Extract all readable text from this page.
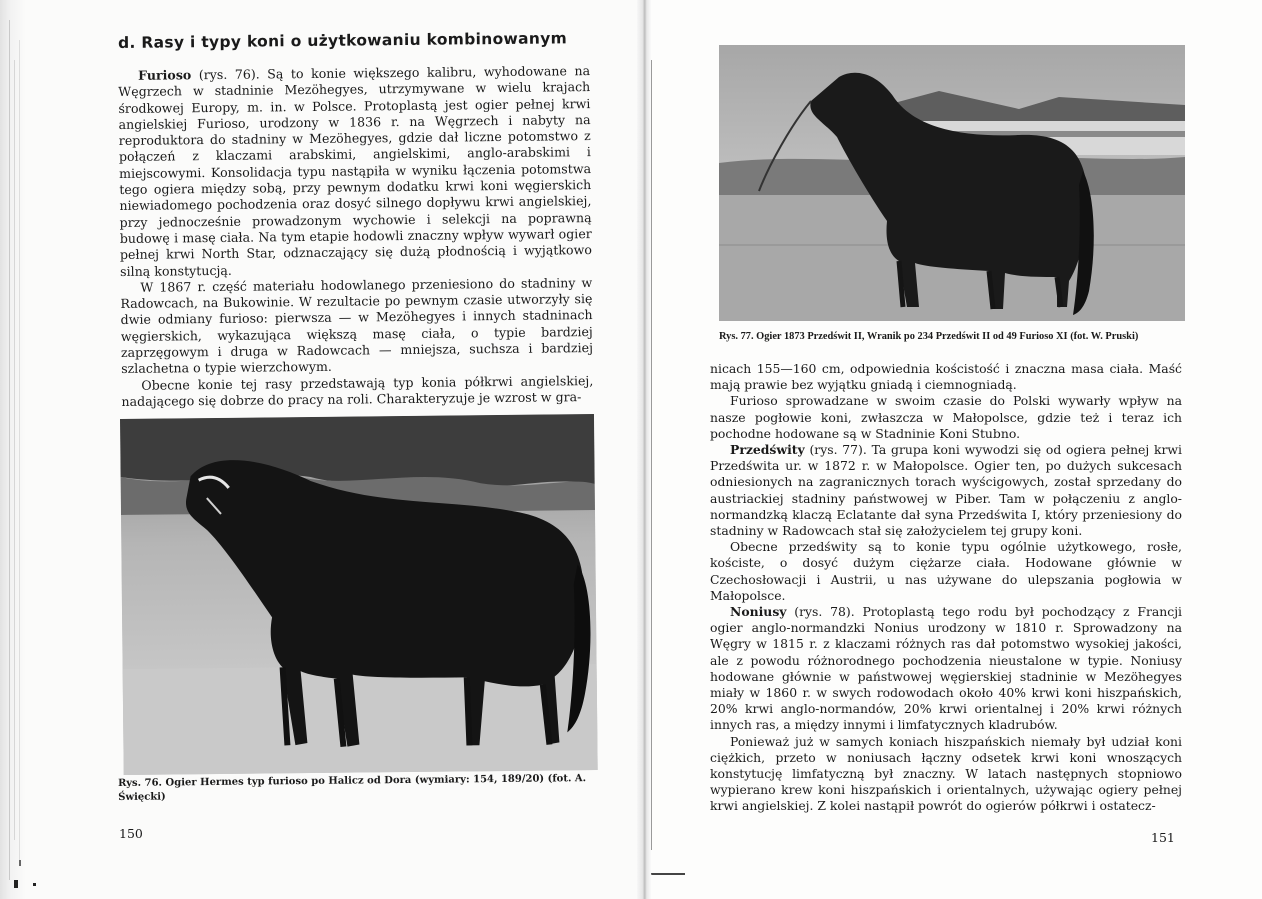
d. Rasy i typy koni o użytkowaniu kombinowanym

Furioso (rys. 76). Są to konie większego kalibru, wyhodowane na Węgrzech w stadninie Mezöhegyes, utrzymywane w wielu krajach środkowej Europy, m. in. w Polsce. Protoplastą jest ogier pełnej krwi angielskiej Furioso, urodzony w 1836 r. na Węgrzech i nabyty na reproduktora do stadniny w Mezöhegyes, gdzie dał liczne potomstwo z połączeń z klaczami arabskimi, angielskimi, anglo-arabskimi i miejscowymi. Konsolidacja typu nastąpiła w wyniku łączenia potomstwa tego ogiera między sobą, przy pewnym dodatku krwi koni węgierskich niewiadomego pochodzenia oraz dosyć silnego dopływu krwi angielskiej, przy jednocześnie prowadzonym wychowie i selekcji na poprawną budowę i masę ciała. Na tym etapie hodowli znaczny wpływ wywarł ogier pełnej krwi North Star, odznaczający się dużą płodnością i wyjątkowo silną konstytucją.

W 1867 r. część materiału hodowlanego przeniesiono do stadniny w Radowcach, na Bukowinie. W rezultacie po pewnym czasie utworzyły się dwie odmiany furioso: pierwsza — w Mezöhegyes i innych stadninach węgierskich, wykazująca większą masę ciała, o typie bardziej zaprzęgowym i druga w Radowcach — mniejsza, suchsza i bardziej szlachetna o typie wierzchowym.

Obecne konie tej rasy przedstawają typ konia półkrwi angielskiej, nadającego się dobrze do pracy na roli. Charakteryzuje je wzrost w gra-

Rys. 76. Ogier Hermes typ furioso po Halicz od Dora (wymiary: 154, 189/20) (fot. A. Święcki)
150
Rys. 77. Ogier 1873 Przedświt II, Wranik po 234 Przedświt II od 49 Furioso XI (fot. W. Pruski)

nicach 155—160 cm, odpowiednia kościstość i znaczna masa ciała. Maść mają prawie bez wyjątku gniadą i ciemnogniadą.

Furioso sprowadzane w swoim czasie do Polski wywarły wpływ na nasze pogłowie koni, zwłaszcza w Małopolsce, gdzie też i teraz ich pochodne hodowane są w Stadninie Koni Stubno.

Przedświty (rys. 77). Ta grupa koni wywodzi się od ogiera pełnej krwi Przedświta ur. w 1872 r. w Małopolsce. Ogier ten, po dużych sukcesach odniesionych na zagranicznych torach wyścigowych, został sprzedany do austriackiej stadniny państwowej w Piber. Tam w połączeniu z anglo-normandzką klaczą Eclatante dał syna Przedświta I, który przeniesiony do stadniny w Radowcach stał się założycielem tej grupy koni.

Obecne przedświty są to konie typu ogólnie użytkowego, rosłe, kościste, o dosyć dużym ciężarze ciała. Hodowane głównie w Czechosłowacji i Austrii, u nas używane do ulepszania pogłowia w Małopolsce.

Noniusy (rys. 78). Protoplastą tego rodu był pochodzący z Francji ogier anglo-normandzki Nonius urodzony w 1810 r. Sprowadzony na Węgry w 1815 r. z klaczami różnych ras dał potomstwo wysokiej jakości, ale z powodu różnorodnego pochodzenia nieustalone w typie. Noniusy hodowane głównie w państwowej węgierskiej stadninie w Mezöhegyes miały w 1860 r. w swych rodowodach około 40% krwi koni hiszpańskich, 20% krwi anglo-normandów, 20% krwi orientalnej i 20% krwi różnych innych ras, a między innymi i limfatycznych kladrubów.

Ponieważ już w samych koniach hiszpańskich niemały był udział koni ciężkich, przeto w noniusach łączny odsetek krwi koni wnoszących konstytucję limfatyczną był znaczny. W latach następnych stopniowo wypierano krew koni hiszpańskich i orientalnych, używając ogiery pełnej krwi angielskiej. Z kolei nastąpił powrót do ogierów półkrwi i ostatecz-

151
